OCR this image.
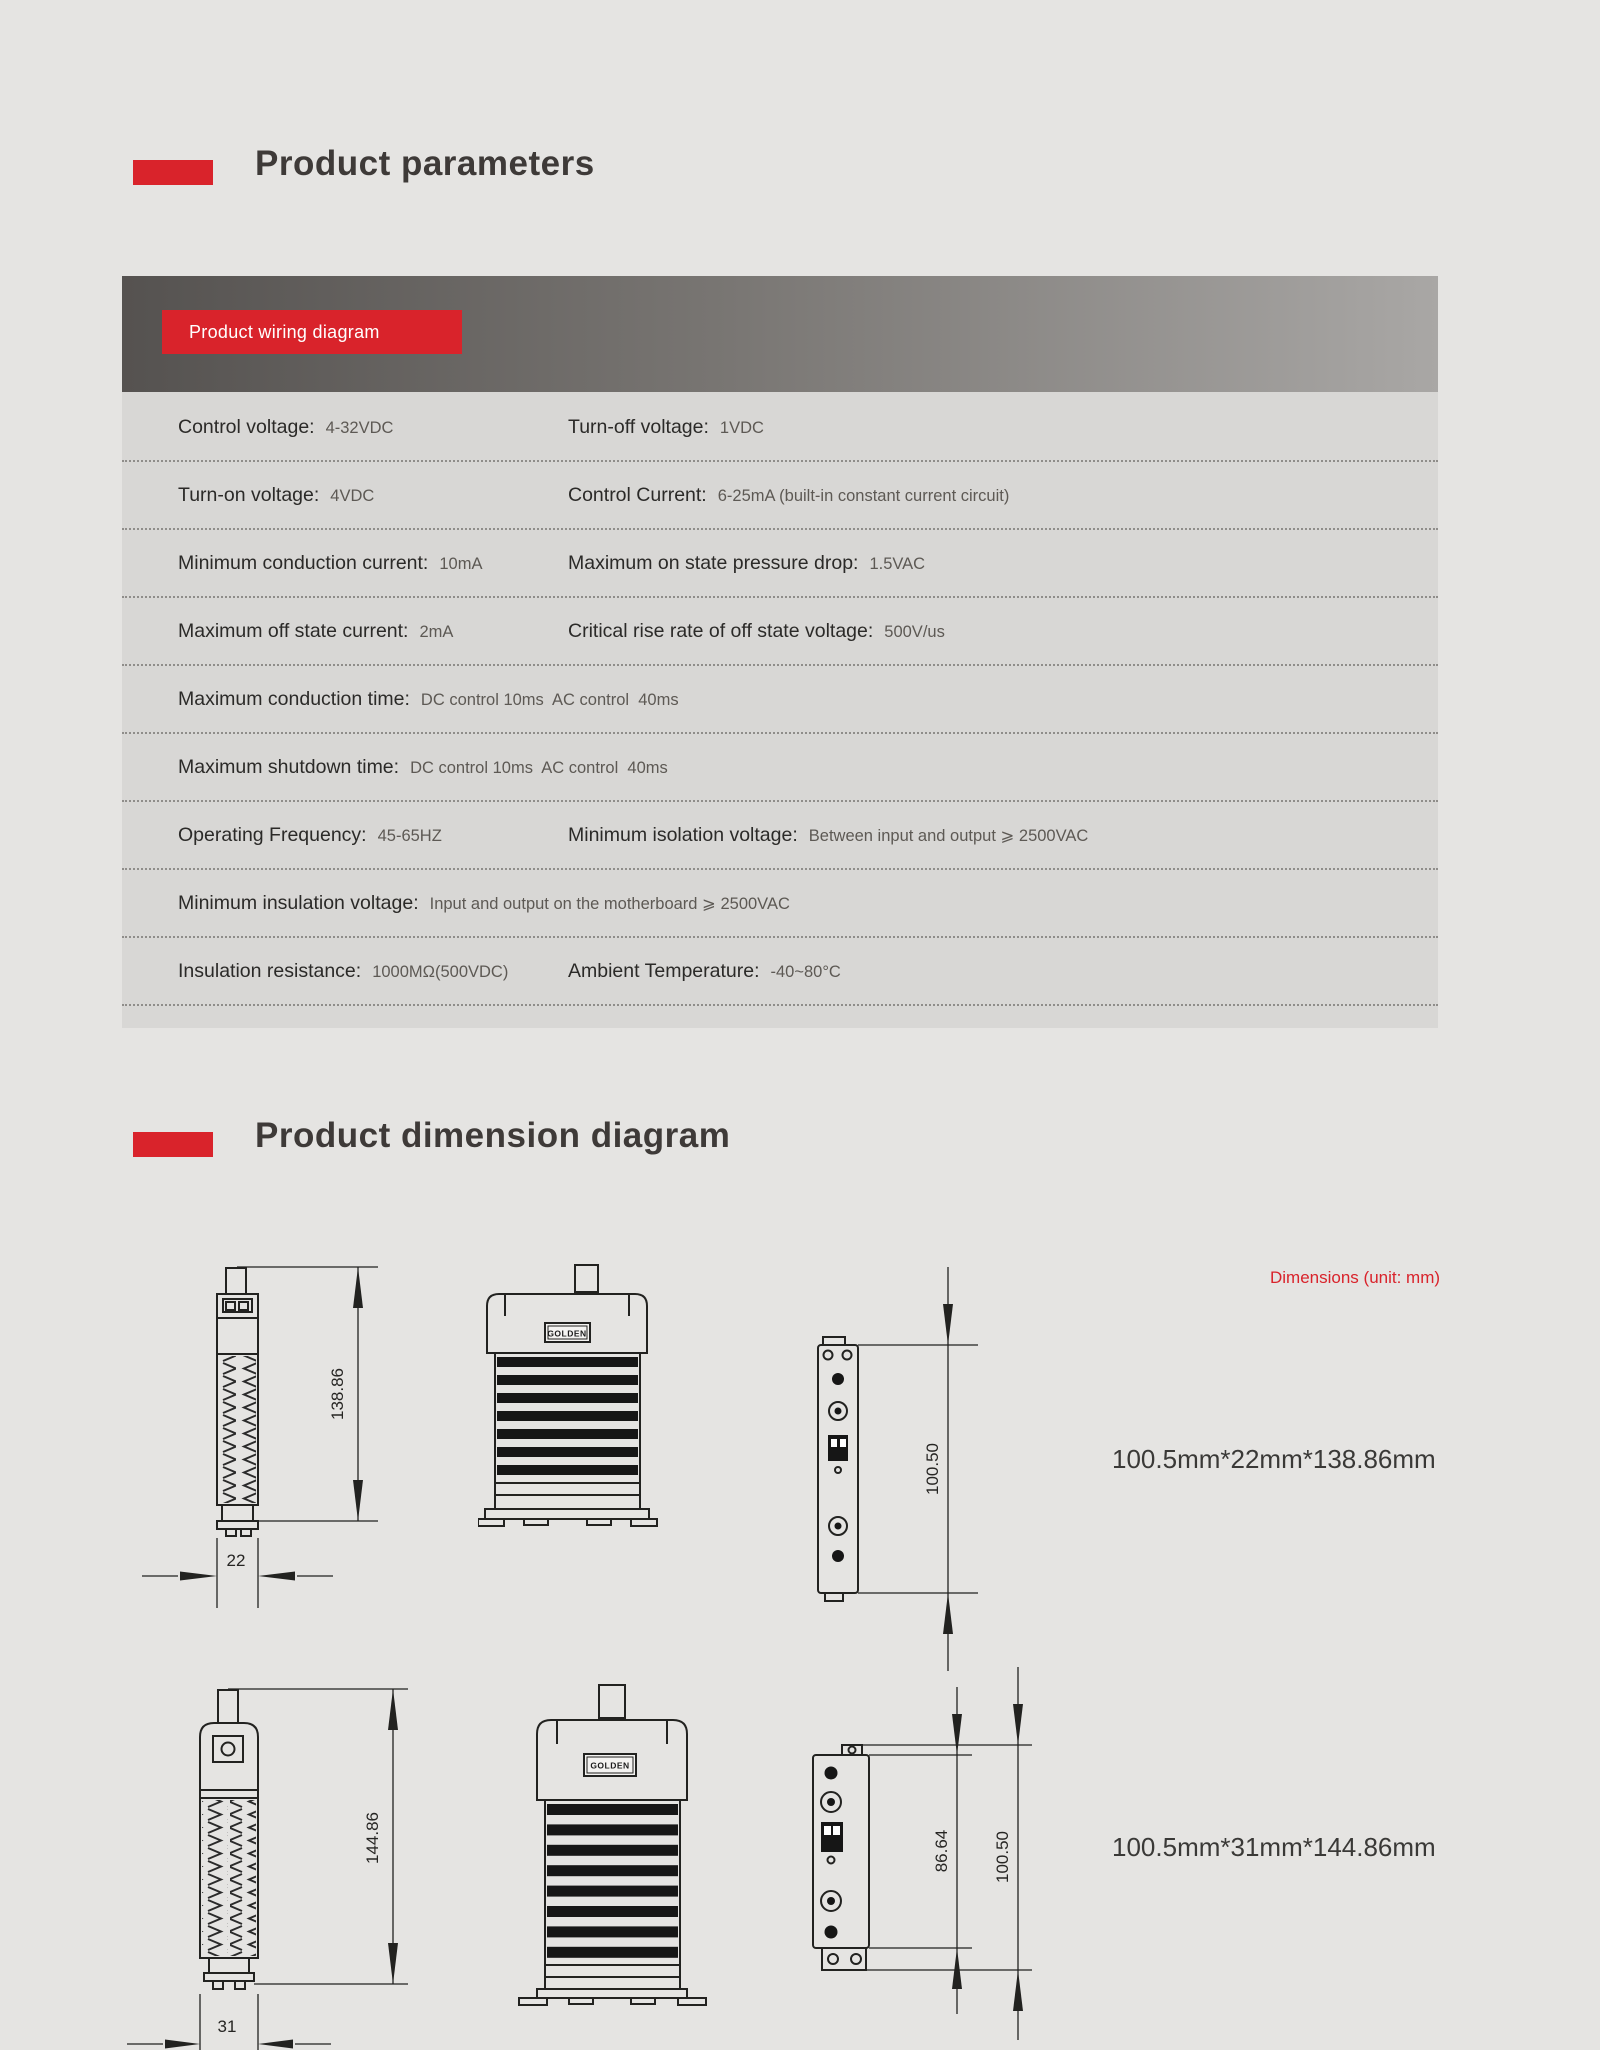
Product parameters
Product wiring diagram
Control voltage: 4-32VDC	Turn-off voltage: 1VDC
Turn-on voltage: 4VDC	Control Current: 6-25mA (built-in constant current circuit)
Minimum conduction current: 10mA	Maximum on state pressure drop: 1.5VAC
Maximum off state current: 2mA	Critical rise rate of off state voltage: 500V/us
Maximum conduction time: DC control 10ms  AC control  40ms
Maximum shutdown time: DC control 10ms  AC control  40ms
Operating Frequency: 45-65HZ	Minimum isolation voltage: Between input and output ⩾ 2500VAC
Minimum insulation voltage: Input and output on the motherboard ⩾ 2500VAC
Insulation resistance: 1000MΩ(500VDC)	Ambient Temperature: -40~80°C
Product dimension diagram
Dimensions (unit: mm)
100.5mm*22mm*138.86mm
100.5mm*31mm*144.86mm
138.86
22
GOLDEN
100.50
144.86
31
GOLDEN
86.64 100.50
